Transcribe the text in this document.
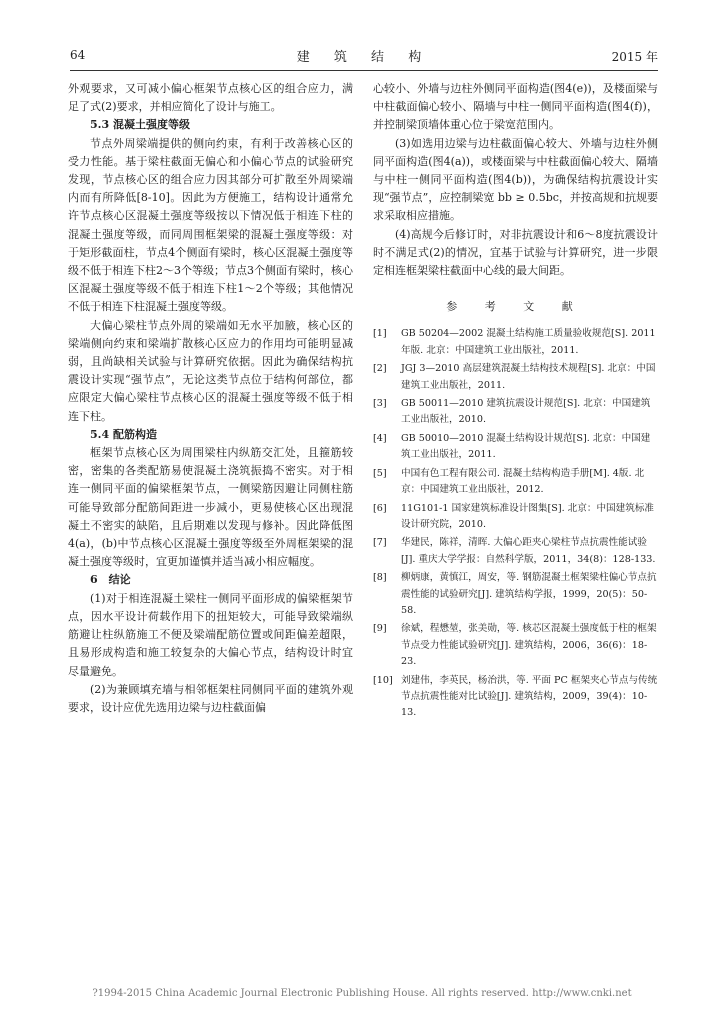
64	建 筑 结 构	2015 年

外观要求，又可减小偏心框架节点核心区的组合应力，满足了式(2)要求，并相应简化了设计与施工。

5.3 混凝土强度等级

节点外周梁端提供的侧向约束，有利于改善核心区的受力性能。基于梁柱截面无偏心和小偏心节点的试验研究发现，节点核心区的组合应力因其部分可扩散至外周梁端内而有所降低[8-10]。因此为方便施工，结构设计通常允许节点核心区混凝土强度等级按以下情况低于相连下柱的混凝土强度等级，而同周围框架梁的混凝土强度等级：对于矩形截面柱，节点4个侧面有梁时，核心区混凝土强度等级不低于相连下柱2～3个等级；节点3个侧面有梁时，核心区混凝土强度等级不低于相连下柱1～2个等级；其他情况不低于相连下柱混凝土强度等级。

大偏心梁柱节点外周的梁端如无水平加腋，核心区的梁端侧向约束和梁端扩散核心区应力的作用均可能明显减弱，且尚缺相关试验与计算研究依据。因此为确保结构抗震设计实现“强节点”，无论这类节点位于结构何部位，都应限定大偏心梁柱节点核心区的混凝土强度等级不低于相连下柱。

5.4 配筋构造

框架节点核心区为周围梁柱内纵筋交汇处，且箍筋较密，密集的各类配筋易使混凝土浇筑振捣不密实。对于相连一侧同平面的偏梁框架节点，一侧梁筋因避让同侧柱筋可能导致部分配筋间距进一步减小，更易使核心区出现混凝土不密实的缺陷，且后期难以发现与修补。因此降低图4(a)，(b)中节点核心区混凝土强度等级至外周框架梁的混凝土强度等级时，宜更加谨慎并适当减小相应幅度。

6　结论

(1)对于相连混凝土梁柱一侧同平面形成的偏梁框架节点，因水平设计荷载作用下的扭矩较大，可能导致梁端纵筋避让柱纵筋施工不便及梁端配筋位置或间距偏差超限，且易形成构造和施工较复杂的大偏心节点，结构设计时宜尽量避免。

(2)为兼顾填充墙与相邻框架柱同侧同平面的建筑外观要求，设计应优先选用边梁与边柱截面偏

心较小、外墙与边柱外侧同平面构造(图4(e))，及楼面梁与中柱截面偏心较小、隔墙与中柱一侧同平面构造(图4(f))，并控制梁顶墙体重心位于梁宽范围内。

(3)如选用边梁与边柱截面偏心较大、外墙与边柱外侧同平面构造(图4(a))，或楼面梁与中柱截面偏心较大、隔墙与中柱一侧同平面构造(图4(b))，为确保结构抗震设计实现“强节点”，应控制梁宽 bb ≥ 0.5bc，并按高规和抗规要求采取相应措施。

(4)高规今后修订时，对非抗震设计和6～8度抗震设计时不满足式(2)的情况，宜基于试验与计算研究，进一步限定相连框架梁柱截面中心线的最大间距。

参 考 文 献
[1] GB 50204—2002 混凝土结构施工质量验收规范[S]. 2011 年版. 北京：中国建筑工业出版社，2011.
[2] JGJ 3—2010 高层建筑混凝土结构技术规程[S]. 北京：中国建筑工业出版社，2011.
[3] GB 50011—2010 建筑抗震设计规范[S]. 北京：中国建筑工业出版社，2010.
[4] GB 50010—2010 混凝土结构设计规范[S]. 北京：中国建筑工业出版社，2011.
[5] 中国有色工程有限公司. 混凝土结构构造手册[M]. 4版. 北京：中国建筑工业出版社，2012.
[6] 11G101-1 国家建筑标准设计图集[S]. 北京：中国建筑标准设计研究院，2010.
[7] 华建民，陈祥，清晖. 大偏心距夹心梁柱节点抗震性能试验[J]. 重庆大学学报：自然科学版，2011，34(8)：128-133.
[8] 柳炳康，黄慎江，周安，等. 钢筋混凝土框架梁柱偏心节点抗震性能的试验研究[J]. 建筑结构学报，1999，20(5)：50-58.
[9] 徐斌，程懋堃，张美勋，等. 核芯区混凝土强度低于柱的框架节点受力性能试验研究[J]. 建筑结构，2006，36(6)：18-23.
[10] 刘建伟，李英民，杨治洪，等. 平面 PC 框架夹心节点与传统节点抗震性能对比试验[J]. 建筑结构，2009，39(4)：10-13.
?1994-2015 China Academic Journal Electronic Publishing House. All rights reserved. http://www.cnki.net
